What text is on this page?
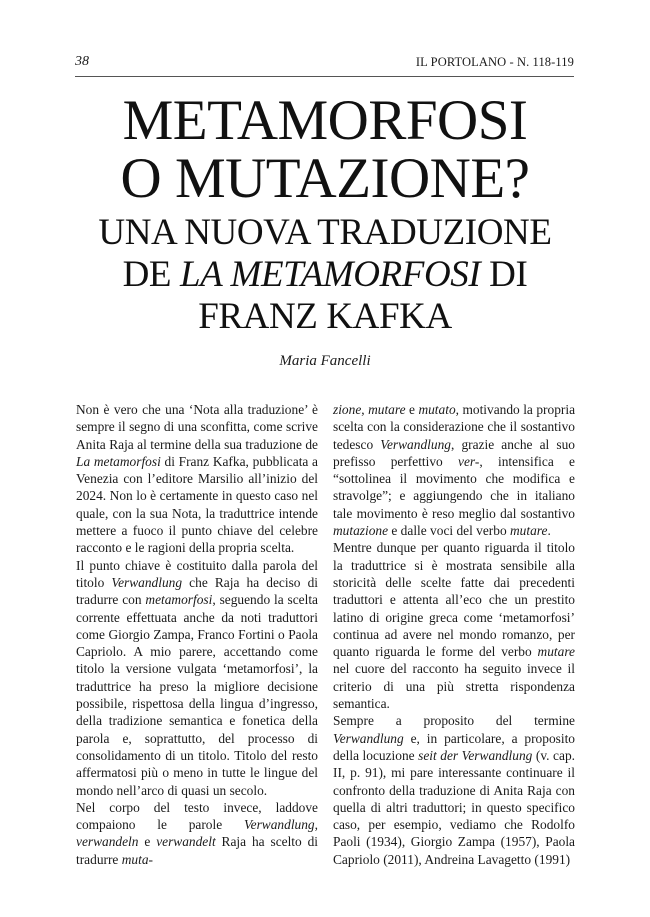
38	IL PORTOLANO - N. 118-119
METAMORFOSI
O MUTAZIONE?
UNA NUOVA TRADUZIONE
DE LA METAMORFOSI DI
FRANZ KAFKA
Maria Fancelli

Non è vero che una ‘Nota alla traduzione’ è sempre il segno di una sconfitta, come scrive Anita Raja al termine della sua traduzione de La metamorfosi di Franz Kafka, pubblicata a Venezia con l’editore Marsilio all’inizio del 2024. Non lo è certamente in questo caso nel quale, con la sua Nota, la traduttrice intende mettere a fuoco il punto chiave del celebre racconto e le ragioni della propria scelta.

Il punto chiave è costituito dalla parola del titolo Verwandlung che Raja ha deciso di tradurre con metamorfosi, seguendo la scelta corrente effettuata anche da noti traduttori come Giorgio Zampa, Franco Fortini o Paola Capriolo. A mio parere, accettando come titolo la versione vulgata ‘metamorfosi’, la traduttrice ha preso la migliore decisione possibile, rispettosa della lingua d’ingresso, della tradizione semantica e fonetica della parola e, soprattutto, del processo di consolidamento di un titolo. Titolo del resto affermatosi più o meno in tutte le lingue del mondo nell’arco di quasi un secolo.

Nel corpo del testo invece, laddove compaiono le parole Verwandlung, verwandeln e verwandelt Raja ha scelto di tradurre muta-

zione, mutare e mutato, motivando la propria scelta con la considerazione che il sostantivo tedesco Verwandlung, grazie anche al suo prefisso perfettivo ver-, intensifica e “sottolinea il movimento che modifica e stravolge”; e aggiungendo che in italiano tale movimento è reso meglio dal sostantivo mutazione e dalle voci del verbo mutare.

Mentre dunque per quanto riguarda il titolo la traduttrice si è mostrata sensibile alla storicità delle scelte fatte dai precedenti traduttori e attenta all’eco che un prestito latino di origine greca come ‘metamorfosi’ continua ad avere nel mondo romanzo, per quanto riguarda le forme del verbo mutare nel cuore del racconto ha seguito invece il criterio di una più stretta rispondenza semantica.

Sempre a proposito del termine Verwandlung e, in particolare, a proposito della locuzione seit der Verwandlung (v. cap. II, p. 91), mi pare interessante continuare il confronto della traduzione di Anita Raja con quella di altri traduttori; in questo specifico caso, per esempio, vediamo che Rodolfo Paoli (1934), Giorgio Zampa (1957), Paola Capriolo (2011), Andreina Lavagetto (1991)
